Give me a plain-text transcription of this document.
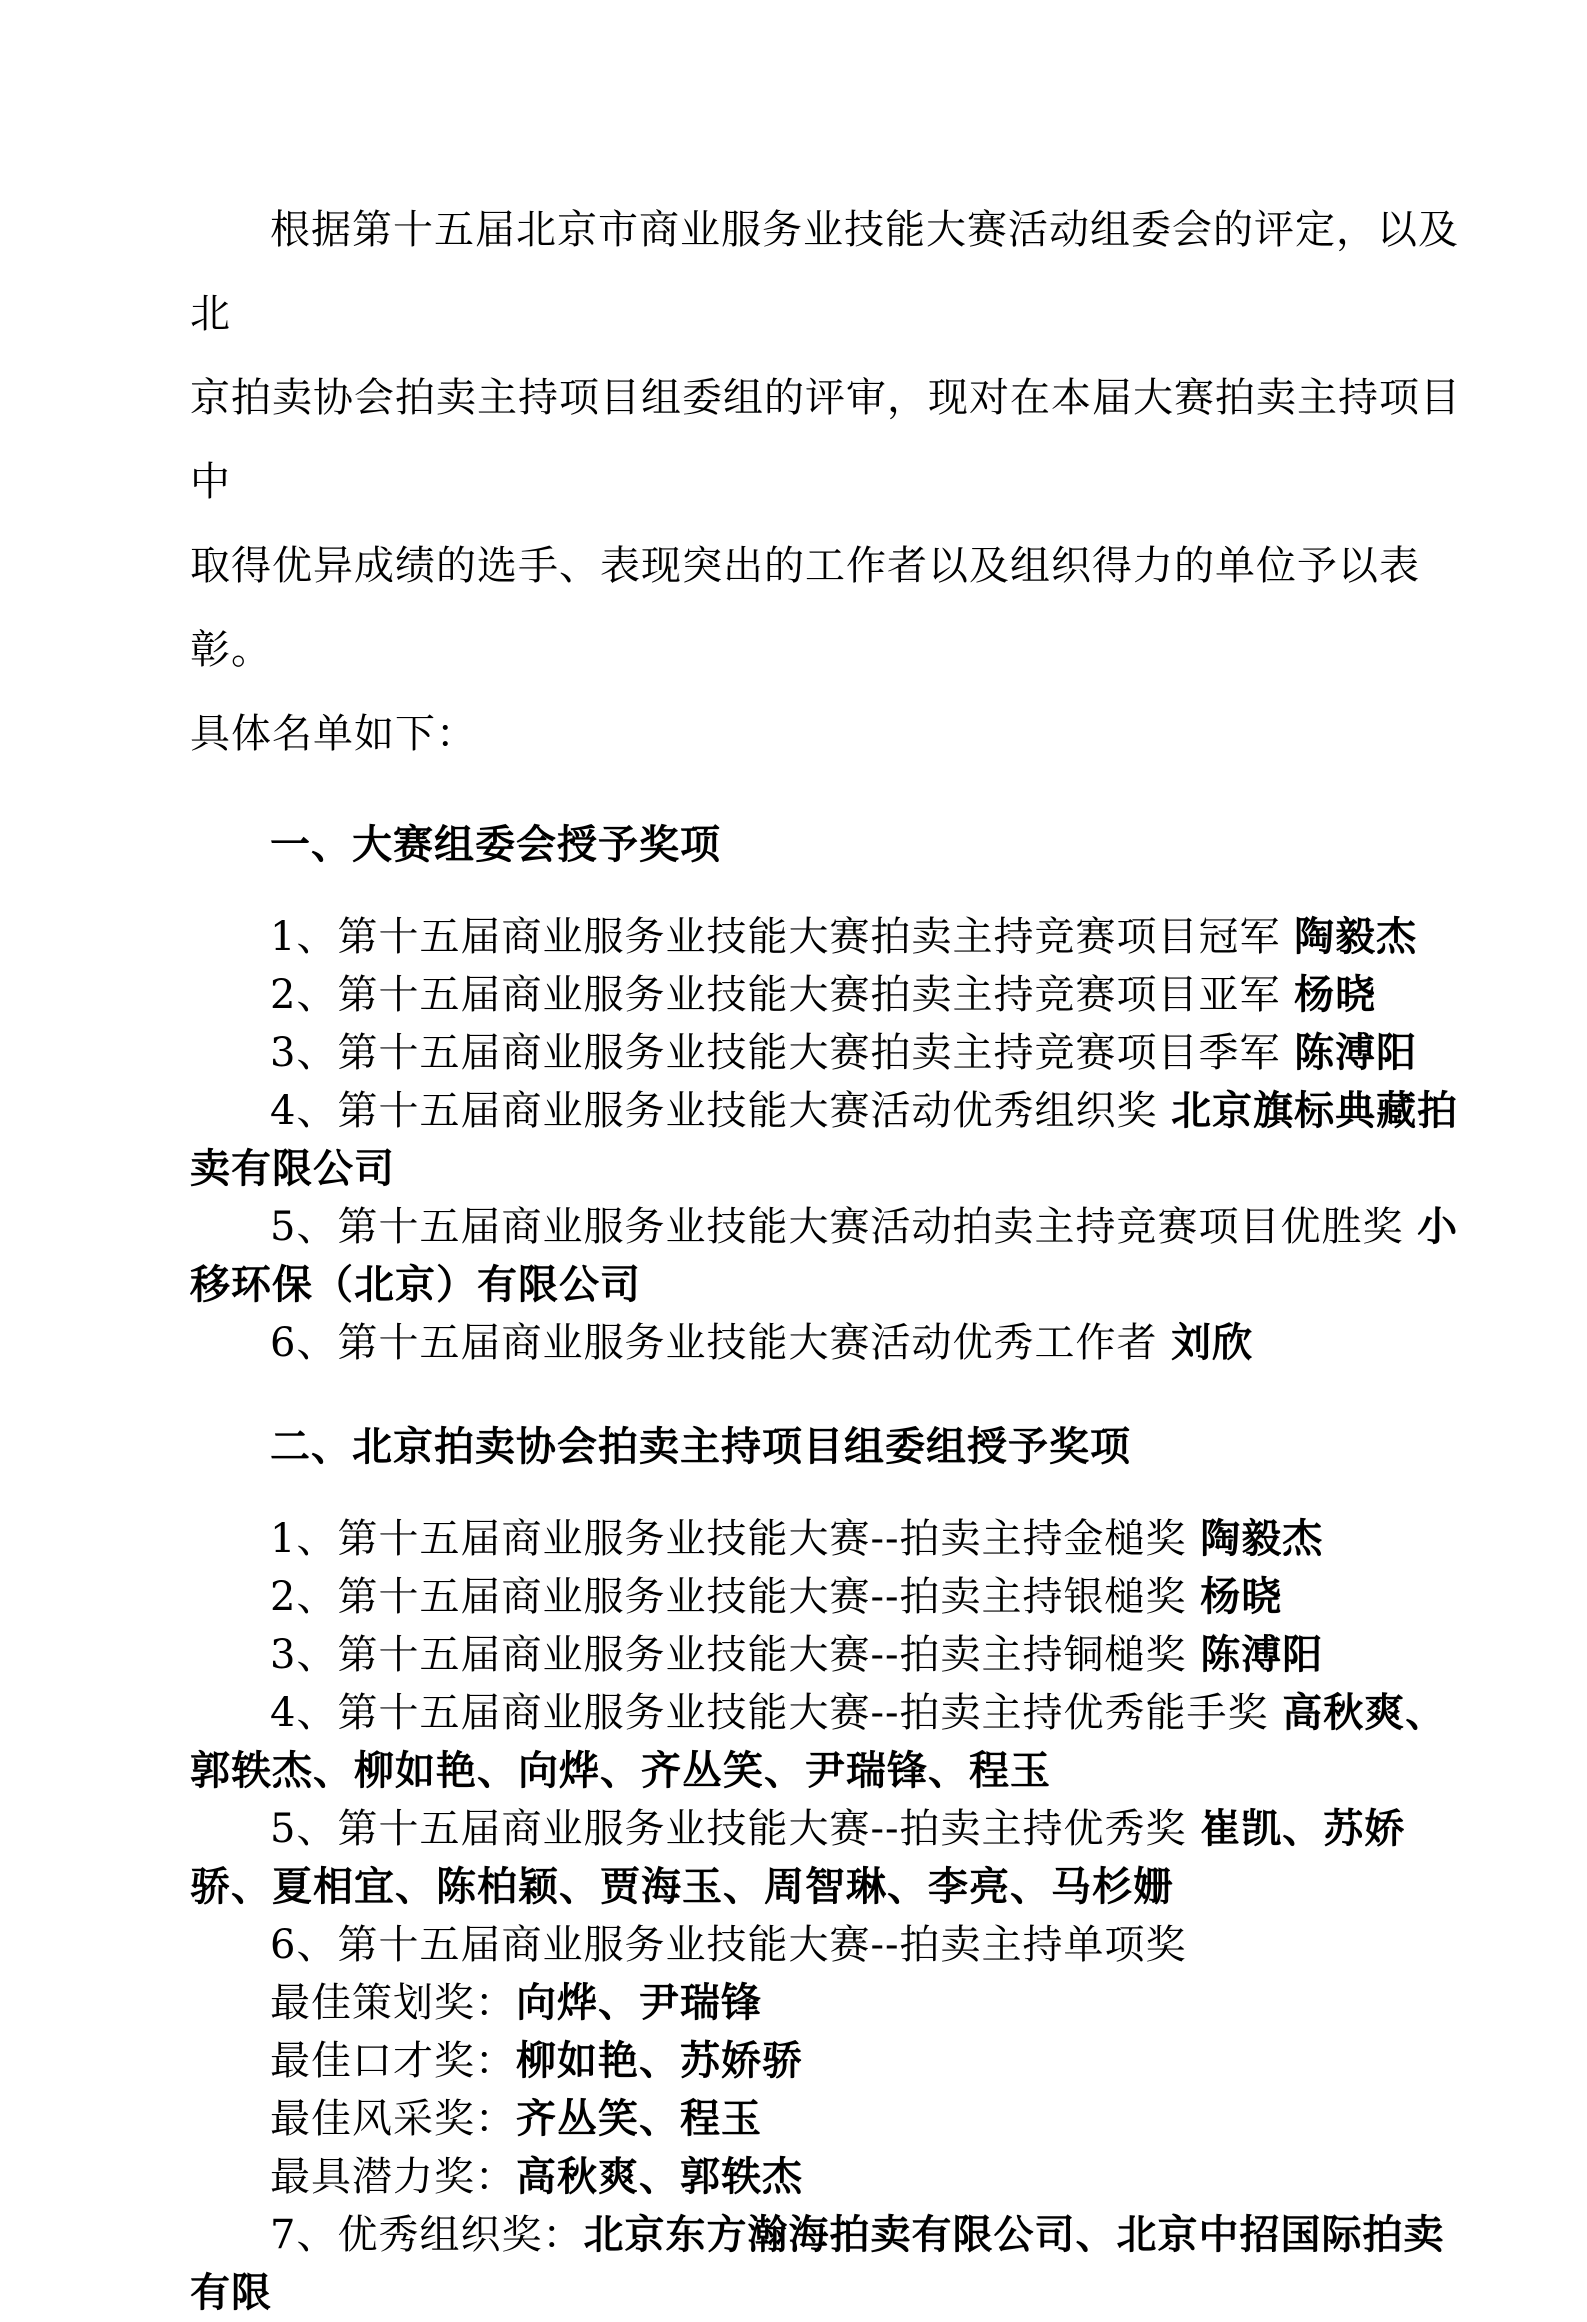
根据第十五届北京市商业服务业技能大赛活动组委会的评定，以及北
京拍卖协会拍卖主持项目组委组的评审，现对在本届大赛拍卖主持项目中
取得优异成绩的选手、表现突出的工作者以及组织得力的单位予以表彰。
具体名单如下：
一、大赛组委会授予奖项

1、第十五届商业服务业技能大赛拍卖主持竞赛项目冠军 陶毅杰

2、第十五届商业服务业技能大赛拍卖主持竞赛项目亚军 杨晓

3、第十五届商业服务业技能大赛拍卖主持竞赛项目季军 陈溥阳

4、第十五届商业服务业技能大赛活动优秀组织奖 北京旗标典藏拍卖有限公司

5、第十五届商业服务业技能大赛活动拍卖主持竞赛项目优胜奖 小移环保（北京）有限公司

6、第十五届商业服务业技能大赛活动优秀工作者 刘欣

二、北京拍卖协会拍卖主持项目组委组授予奖项

1、第十五届商业服务业技能大赛--拍卖主持金槌奖 陶毅杰

2、第十五届商业服务业技能大赛--拍卖主持银槌奖 杨晓

3、第十五届商业服务业技能大赛--拍卖主持铜槌奖 陈溥阳

4、第十五届商业服务业技能大赛--拍卖主持优秀能手奖 高秋爽、郭轶杰、柳如艳、向烨、齐丛笑、尹瑞锋、程玉

5、第十五届商业服务业技能大赛--拍卖主持优秀奖 崔凯、苏娇骄、夏相宜、陈柏颖、贾海玉、周智琳、李亮、马杉姗

6、第十五届商业服务业技能大赛--拍卖主持单项奖

最佳策划奖：向烨、尹瑞锋

最佳口才奖：柳如艳、苏娇骄

最佳风采奖：齐丛笑、程玉

最具潜力奖：高秋爽、郭轶杰

7、优秀组织奖：北京东方瀚海拍卖有限公司、北京中招国际拍卖有限
